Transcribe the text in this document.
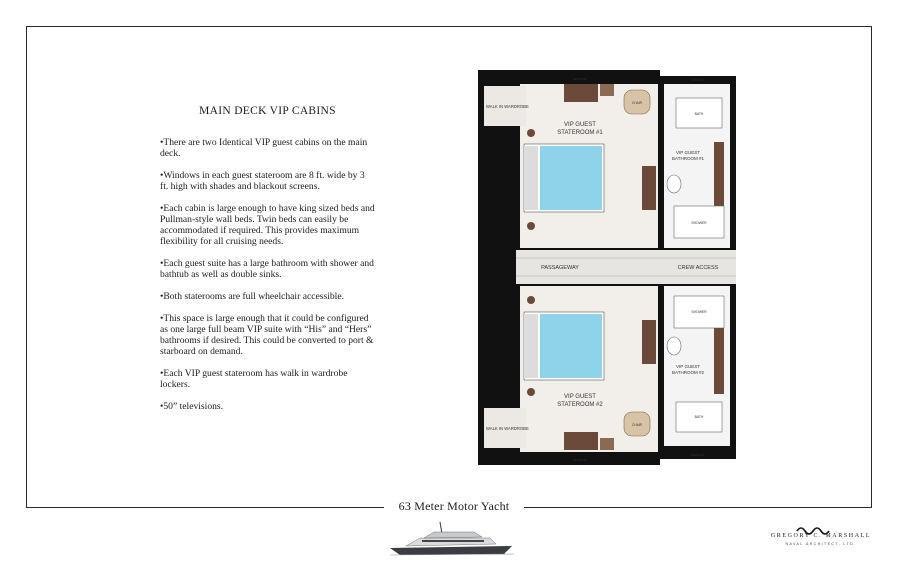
MAIN DECK VIP CABINS

•There are two Identical VIP guest cabins on the main deck.

•Windows in each guest stateroom are 8 ft. wide by 3 ft. high with shades and blackout screens.

•Each cabin is large enough to have king sized beds and Pullman-style wall beds. Twin beds can easily be accommodated if required. This provides maximum flexibility for all cruising needs.

•Each guest suite has a large bathroom with shower and bathtub as well as double sinks.

•Both staterooms are full wheelchair accessible.

•This space is large enough that it could be configured as one large full beam VIP suite with “His” and “Hers” bathrooms if desired. This could be converted to port & starboard on demand.

•Each VIP guest stateroom has walk in wardrobe lockers.

•50” televisions.

WALK IN WARDROBE
WALK IN WARDROBE
VIP GUEST
STATEROOM #1
VIP GUEST
STATEROOM #2
VIP GUEST
BATHROOM #1
VIP GUEST
BATHROOM #2
PASSAGEWAY	CREW ACCESS
SHOWER
SHOWER
BATH
BATH
CHAIR
CHAIR
WINDOW	WINDOW
WINDOW
WINDOW
63 Meter Motor Yacht
GREGORY C. MARSHALL
NAVAL ARCHITECT, LTD.
